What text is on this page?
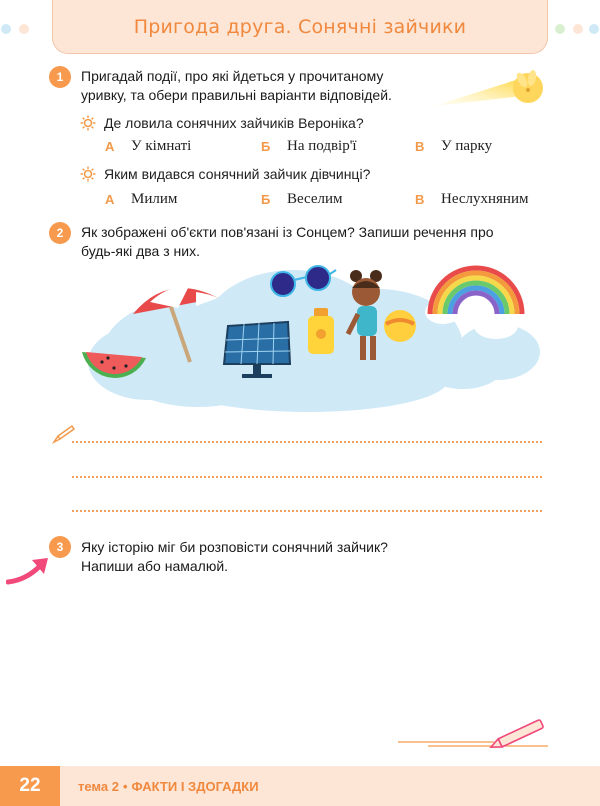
Пригода друга. Сонячні зайчики
1	Пригадай події, про які йдеться у прочитаному
уривку, та обери правильні варіанти відповідей.
Де ловила сонячних зайчиків Вероніка?
А У кімнаті	Б На подвір'ї	В У парку
Яким видався сонячний зайчик дівчинці?
А Милим	Б Веселим	В Неслухняним
2	Як зображені об'єкти пов'язані із Сонцем? Запиши речення про
будь-які два з них.
3	Яку історію міг би розповісти сонячний зайчик?
Напиши або намалюй.
22	тема 2 • ФАКТИ І ЗДОГАДКИ
